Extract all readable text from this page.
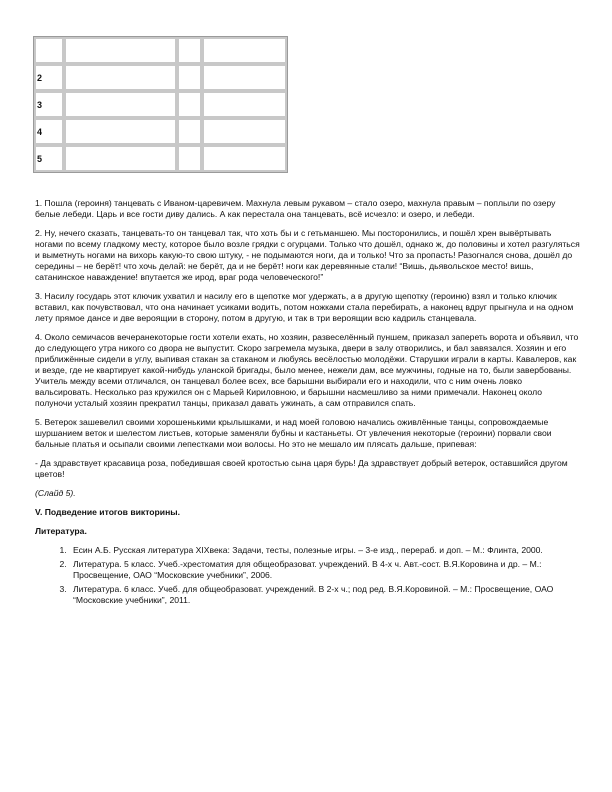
2			
3			
4			
5			

1. Пошла (героиня) танцевать с Иваном-царевичем. Махнула левым рукавом – стало озеро, махнула правым – поплыли по озеру белые лебеди. Царь и все гости диву дались. А как перестала она танцевать, всё исчезло: и озеро, и лебеди.

2. Ну, нечего сказать, танцевать-то он танцевал так, что хоть бы и с гетьманшею. Мы посторонились, и пошёл хрен вывёртывать ногами по всему гладкому месту, которое было возле грядки с огурцами. Только что дошёл, однако ж, до половины и хотел разгуляться и выметнуть ногами на вихорь какую-то свою штуку, - не подымаются ноги, да и только! Что за пропасть! Разогнался снова, дошёл до середины – не берёт! что хочь делай: не берёт, да и не берёт! ноги как деревянные стали! “Вишь, дьявольское место! вишь, сатанинское наваждение! впутается же ирод, враг рода человеческого!”

3. Насилу государь этот ключик ухватил и насилу его в щепотке мог удержать, а в другую щепотку (героиню) взял и только ключик вставил, как почувствовал, что она начинает усиками водить, потом ножками стала перебирать, а наконец вдруг прыгнула и на одном лету прямое дансе и две вероящии в сторону, потом в другую, и так в три вероящии всю кадриль станцевала.

4. Около семичасов вечеранекоторые гости хотели ехать, но хозяин, развеселённый пуншем, приказал запереть ворота и объявил, что до следующего утра никого со двора не выпустит. Скоро загремела музыка, двери в залу отворились, и бал завязался. Хозяин и его приближённые сидели в углу, выпивая стакан за стаканом и любуясь весёлостью молодёжи. Старушки играли в карты. Кавалеров, как и везде, где не квартирует какой-нибудь уланской бригады, было менее, нежели дам, все мужчины, годные на то, были завербованы. Учитель между всеми отличался, он танцевал более всех, все барышни выбирали его и находили, что с ним очень ловко вальсировать. Несколько раз кружился он с Марьей Кириловною, и барышни насмешливо за ними примечали. Наконец около полуночи усталый хозяин прекратил танцы, приказал давать ужинать, а сам отправился спать.

5. Ветерок зашевелил своими хорошенькими крылышками, и над моей головою начались оживлённые танцы, сопровождаемые шуршанием веток и шелестом листьев, которые заменяли бубны и кастаньеты. От увлечения некоторые (героини) порвали свои бальные платья и осыпали своими лепестками мои волосы. Но это не мешало им плясать дальше, припевая:

- Да здравствует красавица роза, победившая своей кротостью сына царя бурь! Да здравствует добрый ветерок, оставшийся другом цветов!

(Слайд 5).

V. Подведение итогов викторины.

Литература.

1. Есин А.Б. Русская литература XIXвека: Задачи, тесты, полезные игры. – 3-е изд., перераб. и доп. – М.: Флинта, 2000.
2. Литература. 5 класс. Учеб.-хрестоматия для общеобразоват. учреждений. В 4-х ч. Авт.-сост. В.Я.Коровина и др. – М.: Просвещение, ОАО “Московские учебники”, 2006.
3. Литература. 6 класс. Учеб. для общеобразоват. учреждений. В 2-х ч.; под ред. В.Я.Коровиной. – М.: Просвещение, ОАО “Московские учебники”, 2011.
